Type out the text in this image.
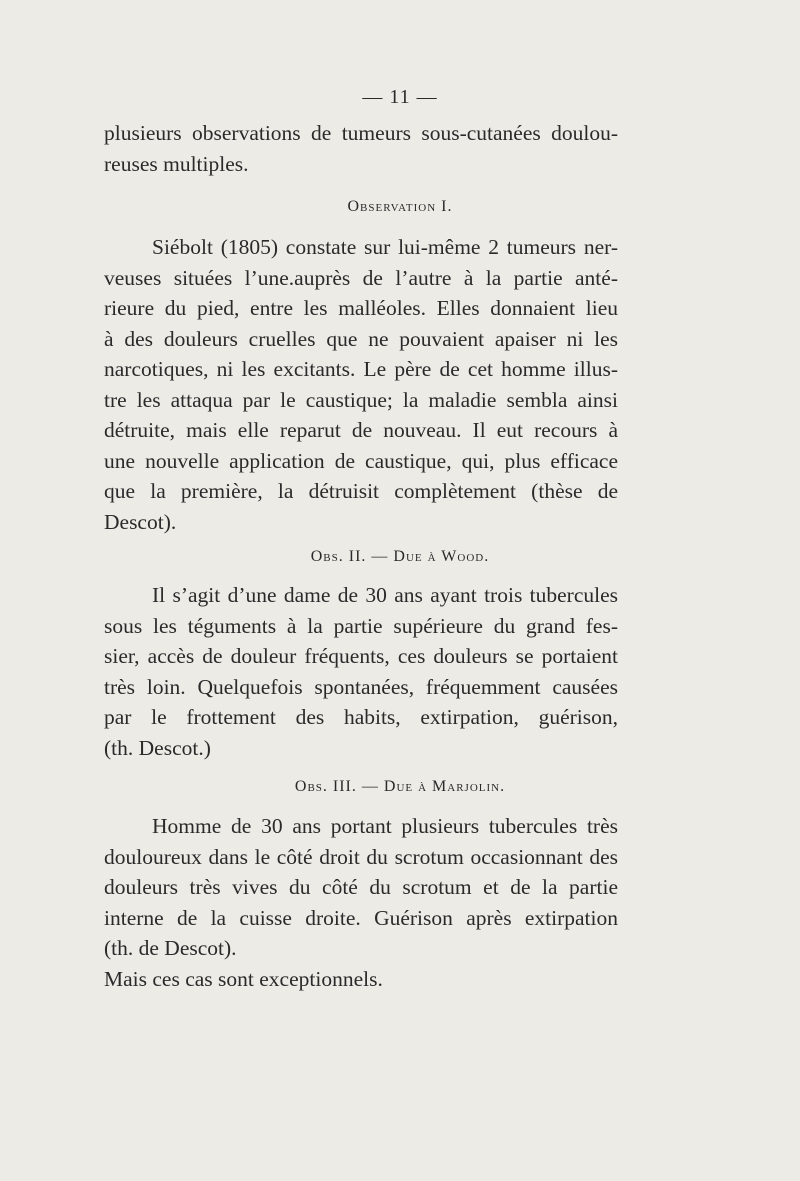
— 11 —

plusieurs observations de tumeurs sous-cutanées doulou-
reuses multiples.

Observation I.

Siébolt (1805) constate sur lui-même 2 tumeurs ner-
veuses situées l’une.auprès de l’autre à la partie anté-
rieure du pied, entre les malléoles. Elles donnaient lieu
à des douleurs cruelles que ne pouvaient apaiser ni les
narcotiques, ni les excitants. Le père de cet homme illus-
tre les attaqua par le caustique; la maladie sembla ainsi
détruite, mais elle reparut de nouveau. Il eut recours à
une nouvelle application de caustique, qui, plus efficace
que la première, la détruisit complètement (thèse de
Descot).

Obs. II. — Due à Wood.

Il s’agit d’une dame de 30 ans ayant trois tubercules
sous les téguments à la partie supérieure du grand fes-
sier, accès de douleur fréquents, ces douleurs se portaient
très loin. Quelquefois spontanées, fréquemment causées
par le frottement des habits, extirpation, guérison,
(th. Descot.)

Obs. III. — Due à Marjolin.

Homme de 30 ans portant plusieurs tubercules très
douloureux dans le côté droit du scrotum occasionnant des
douleurs très vives du côté du scrotum et de la partie
interne de la cuisse droite. Guérison après extirpation
(th. de Descot).
Mais ces cas sont exceptionnels.
